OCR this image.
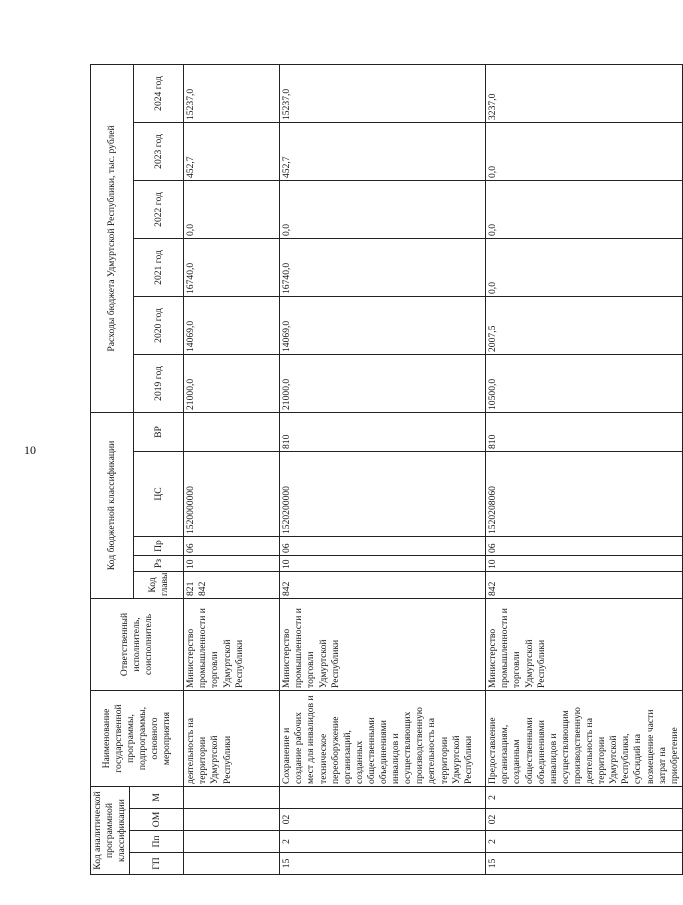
10
Код аналитической программной классификации				Наименование государственной программы, подпрограммы, основного мероприятия	Ответственный исполнитель, соисполнитель	Код бюджетной классификации					Расходы бюджета Удмуртской Республики, тыс. рублей					
ГП	Пп	ОМ	М													
						Код главы	Рз	Пр	ЦС	ВР	2019 год	2020 год	2021 год	2022 год	2023 год	2024 год
				деятельность на территории Удмуртской Республики	Министерство промышленности и торговли Удмуртской Республики	821 842	10	06	1520000000		21000,0	14069,0	16740,0	0,0	452,7	15237,0
15	2	02		Сохранение и создание рабочих мест для инвалидов и техническое переоборужение организаций, созданных общественными объединениями инвалидов и осуществляющих производственную деятельность на территории Удмуртской Республики	Министерство промышленности и торговли Удмуртской Республики	842	10	06	1520200000	810	21000,0	14069,0	16740,0	0,0	452,7	15237,0
15	2	02	2	Предоставление организациям, созданным общественными объединениями инвалидов и осуществляющим производственную деятельность на территории Удмуртской Республики, субсидий на возмещение части затрат на приобретение	Министерство промышленности и торговли Удмуртской Республики	842	10	06	1520208060	810	10500,0	2007,5	0,0	0,0	0,0	3237,0
